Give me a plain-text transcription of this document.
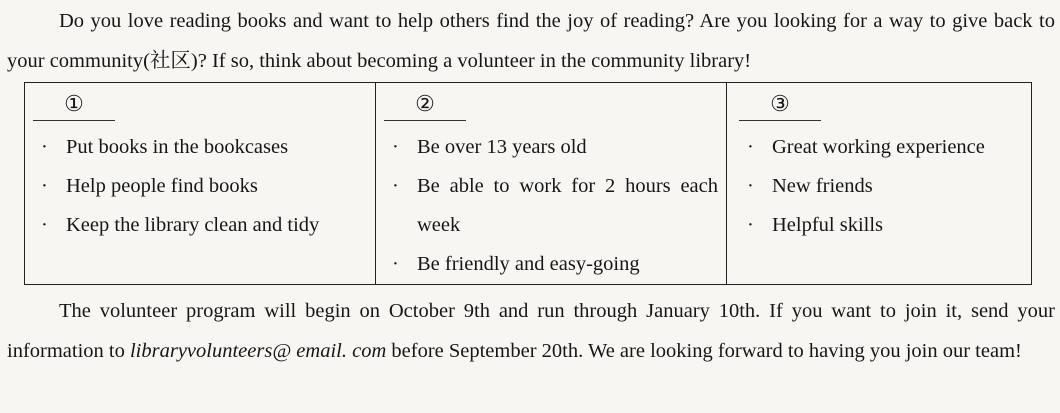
Do you love reading books and want to help others find the joy of reading? Are you looking for a way to give back to your community(社区)? If so, think about becoming a volunteer in the community library!

①
· Put books in the bookcases
· Help people find books
· Keep the library clean and tidy
②
· Be over 13 years old
· Be able to work for 2 hours each week
· Be friendly and easy-going
③
· Great working experience
· New friends
· Helpful skills

The volunteer program will begin on October 9th and run through January 10th. If you want to join it, send your information to libraryvolunteers@ email. com before September 20th. We are looking forward to having you join our team!
